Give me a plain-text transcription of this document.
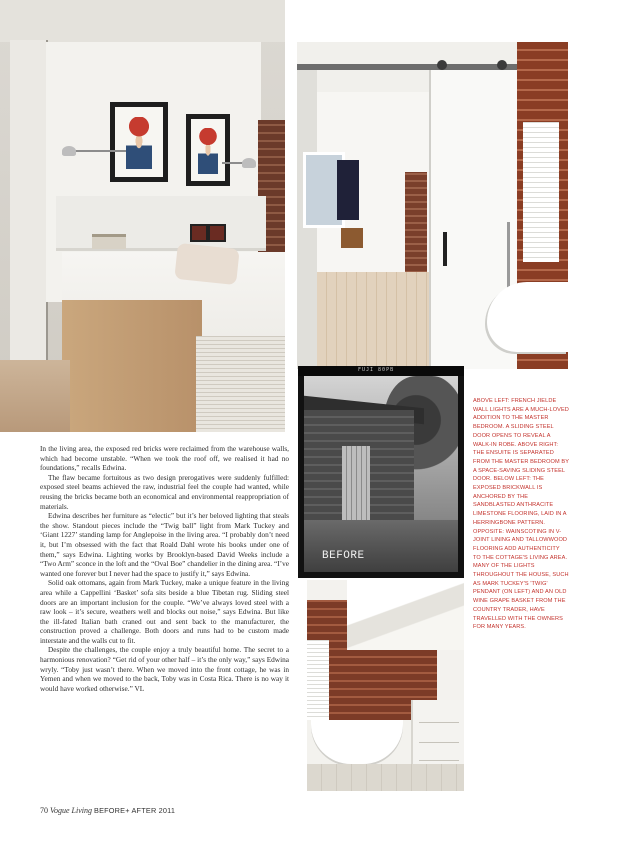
FUJI 80PB
BEFORE

In the living area, the exposed red bricks were reclaimed from the warehouse walls, which had become unstable. “When we took the roof off, we realised it had no foundations,” recalls Edwina.

The flaw became fortuitous as two design prerogatives were suddenly fulfilled: exposed steel beams achieved the raw, industrial feel the couple had wanted, while reusing the bricks became both an economical and environmental reappropriation of materials.

Edwina describes her furniture as “electic” but it’s her beloved lighting that steals the show. Standout pieces include the “Twig ball” light from Mark Tuckey and ‘Giant 1227’ standing lamp for Anglepoise in the living area. “I probably don’t need it, but I’m obsessed with the fact that Roald Dahl wrote his books under one of them,” says Edwina. Lighting works by Brooklyn-based David Weeks include a “Two Arm” sconce in the loft and the “Oval Boe” chandelier in the dining area. “I’ve wanted one forever but I never had the space to justify it,” says Edwina.

Solid oak ottomans, again from Mark Tuckey, make a unique feature in the living area while a Cappellini ‘Basket’ sofa sits beside a blue Tibetan rug. Sliding steel doors are an important inclusion for the couple. “We’ve always loved steel with a raw look – it’s secure, weathers well and blocks out noise,” says Edwina. But like the ill-fated Italian bath craned out and sent back to the manufacturer, the construction proved a challenge. Both doors and runs had to be custom made interstate and the walls cut to fit.

Despite the challenges, the couple enjoy a truly beautiful home. The secret to a harmonious renovation? “Get rid of your other half – it’s the only way,” says Edwina wryly. “Toby just wasn’t there. When we moved into the front cottage, he was in Yemen and when we moved to the back, Toby was in Costa Rica. There is no way it would have worked otherwise.” VL

ABOVE LEFT: FRENCH JIELDE WALL LIGHTS ARE A MUCH-LOVED ADDITION TO THE MASTER BEDROOM. A SLIDING STEEL DOOR OPENS TO REVEAL A WALK-IN ROBE. ABOVE RIGHT: THE ENSUITE IS SEPARATED FROM THE MASTER BEDROOM BY A SPACE-SAVING SLIDING STEEL DOOR. BELOW LEFT: THE EXPOSED BRICKWALL IS ANCHORED BY THE SANDBLASTED ANTHRACITE LIMESTONE FLOORING, LAID IN A HERRINGBONE PATTERN. OPPOSITE: WAINSCOTING IN V-JOINT LINING AND TALLOWWOOD FLOORING ADD AUTHENTICITY TO THE COTTAGE'S LIVING AREA. MANY OF THE LIGHTS THROUGHOUT THE HOUSE, SUCH AS MARK TUCKEY'S 'TWIG' PENDANT (ON LEFT) AND AN OLD WINE GRAPE BASKET FROM THE COUNTRY TRADER, HAVE TRAVELLED WITH THE OWNERS FOR MANY YEARS.
70 Vogue Living BEFORE+ AFTER 2011
